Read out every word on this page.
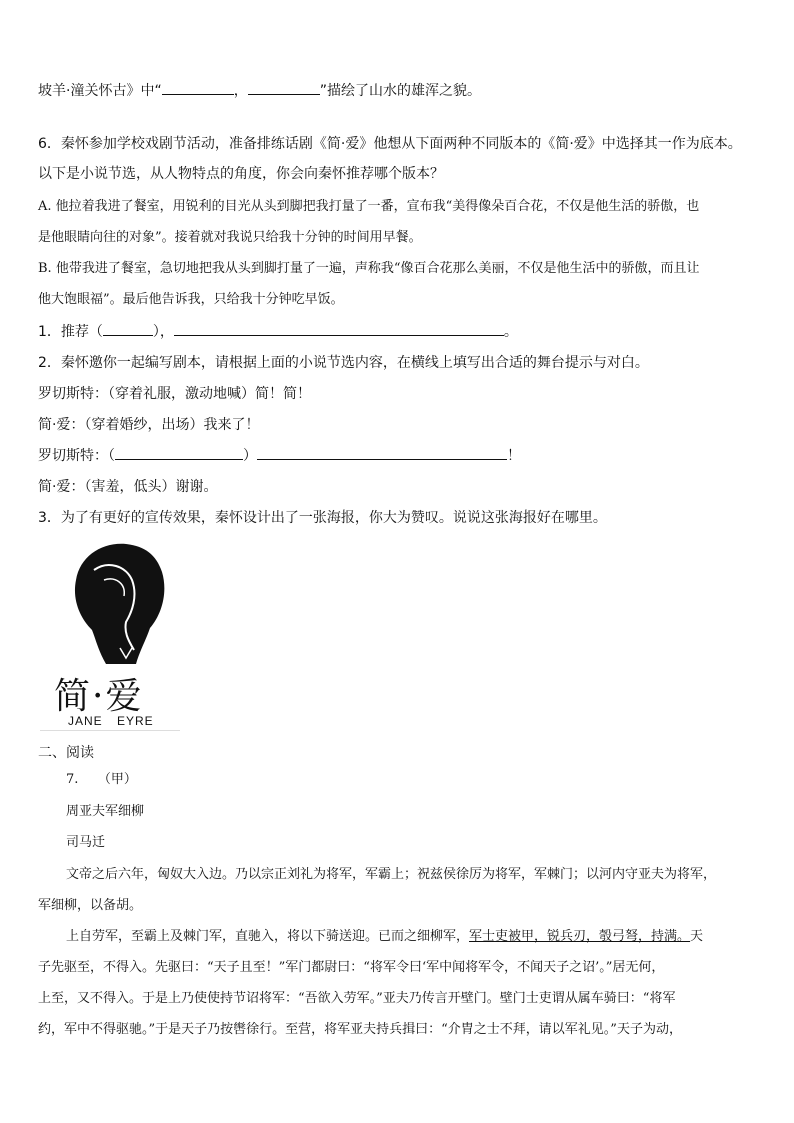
坡羊·潼关怀古》中“	，	”描绘了山水的雄浑之貌。
6．秦怀参加学校戏剧节活动，准备排练话剧《简·爱》他想从下面两种不同版本的《简·爱》中选择其一作为底本。
以下是小说节选，从人物特点的角度，你会向秦怀推荐哪个版本？
A. 他拉着我进了餐室，用锐利的目光从头到脚把我打量了一番，宣布我“美得像朵百合花，不仅是他生活的骄傲，也
是他眼睛向往的对象”。接着就对我说只给我十分钟的时间用早餐。
B. 他带我进了餐室，急切地把我从头到脚打量了一遍，声称我“像百合花那么美丽，不仅是他生活中的骄傲，而且让
他大饱眼福”。最后他告诉我，只给我十分钟吃早饭。
1．推荐（	），	。
2．秦怀邀你一起编写剧本，请根据上面的小说节选内容，在横线上填写出合适的舞台提示与对白。
罗切斯特：（穿着礼服，激动地喊）简！简！
简·爱：（穿着婚纱，出场）我来了！
罗切斯特：（	）	！
简·爱：（害羞，低头）谢谢。
3．为了有更好的宣传效果，秦怀设计出了一张海报，你大为赞叹。说说这张海报好在哪里。
简·爱
JANE EYRE
二、阅读
7.　　（甲）
周亚夫军细柳
司马迁
文帝之后六年，匈奴大入边。乃以宗正刘礼为将军，军霸上；祝兹侯徐厉为将军，军棘门；以河内守亚夫为将军，
军细柳，以备胡。
上自劳军，至霸上及棘门军，直驰入，将以下骑送迎。已而之细柳军，军士吏被甲，锐兵刃，彀弓弩，持满。天
子先驱至，不得入。先驱曰：“天子且至！”军门都尉曰：“将军令曰‘军中闻将军令，不闻天子之诏’。”居无何，
上至，又不得入。于是上乃使使持节诏将军：“吾欲入劳军。”亚夫乃传言开壁门。壁门士吏谓从属车骑曰：“将军
约，军中不得驱驰。”于是天子乃按辔徐行。至营，将军亚夫持兵揖曰：“介胄之士不拜，请以军礼见。”天子为动，
